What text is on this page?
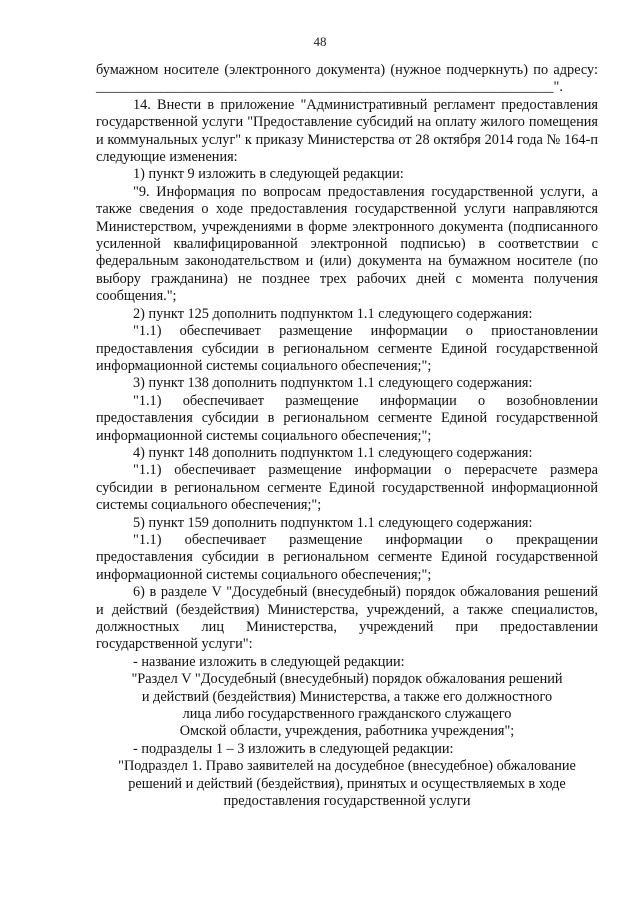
48

бумажном носителе (электронного документа) (нужное подчеркнуть) по адресу: ________________________________________________________________".

14. Внести в приложение "Административный регламент предоставления государственной услуги "Предоставление субсидий на оплату жилого помещения и коммунальных услуг" к приказу Министерства от 28 октября 2014 года № 164-п следующие изменения:

1) пункт 9 изложить в следующей редакции:

"9. Информация по вопросам предоставления государственной услуги, а также сведения о ходе предоставления государственной услуги направляются Министерством, учреждениями в форме электронного документа (подписанного усиленной квалифицированной электронной подписью) в соответствии с федеральным законодательством и (или) документа на бумажном носителе (по выбору гражданина) не позднее трех рабочих дней с момента получения сообщения.";

2) пункт 125 дополнить подпунктом 1.1 следующего содержания:

"1.1) обеспечивает размещение информации о приостановлении предоставления субсидии в региональном сегменте Единой государственной информационной системы социального обеспечения;";

3) пункт 138 дополнить подпунктом 1.1 следующего содержания:

"1.1) обеспечивает размещение информации о возобновлении предоставления субсидии в региональном сегменте Единой государственной информационной системы социального обеспечения;";

4) пункт 148 дополнить подпунктом 1.1 следующего содержания:

"1.1) обеспечивает размещение информации о перерасчете размера субсидии в региональном сегменте Единой государственной информационной системы социального обеспечения;";

5) пункт 159 дополнить подпунктом 1.1 следующего содержания:

"1.1) обеспечивает размещение информации о прекращении предоставления субсидии в региональном сегменте Единой государственной информационной системы социального обеспечения;";

6) в разделе V "Досудебный (внесудебный) порядок обжалования решений и действий (бездействия) Министерства, учреждений, а также специалистов, должностных лиц Министерства, учреждений при предоставлении государственной услуги":

- название изложить в следующей редакции:

"Раздел V "Досудебный (внесудебный) порядок обжалования решений

и действий (бездействия) Министерства, а также его должностного

лица либо государственного гражданского служащего

Омской области, учреждения, работника учреждения";

- подразделы 1 – 3 изложить в следующей редакции:

"Подраздел 1. Право заявителей на досудебное (внесудебное) обжалование

решений и действий (бездействия), принятых и осуществляемых в ходе

предоставления государственной услуги
